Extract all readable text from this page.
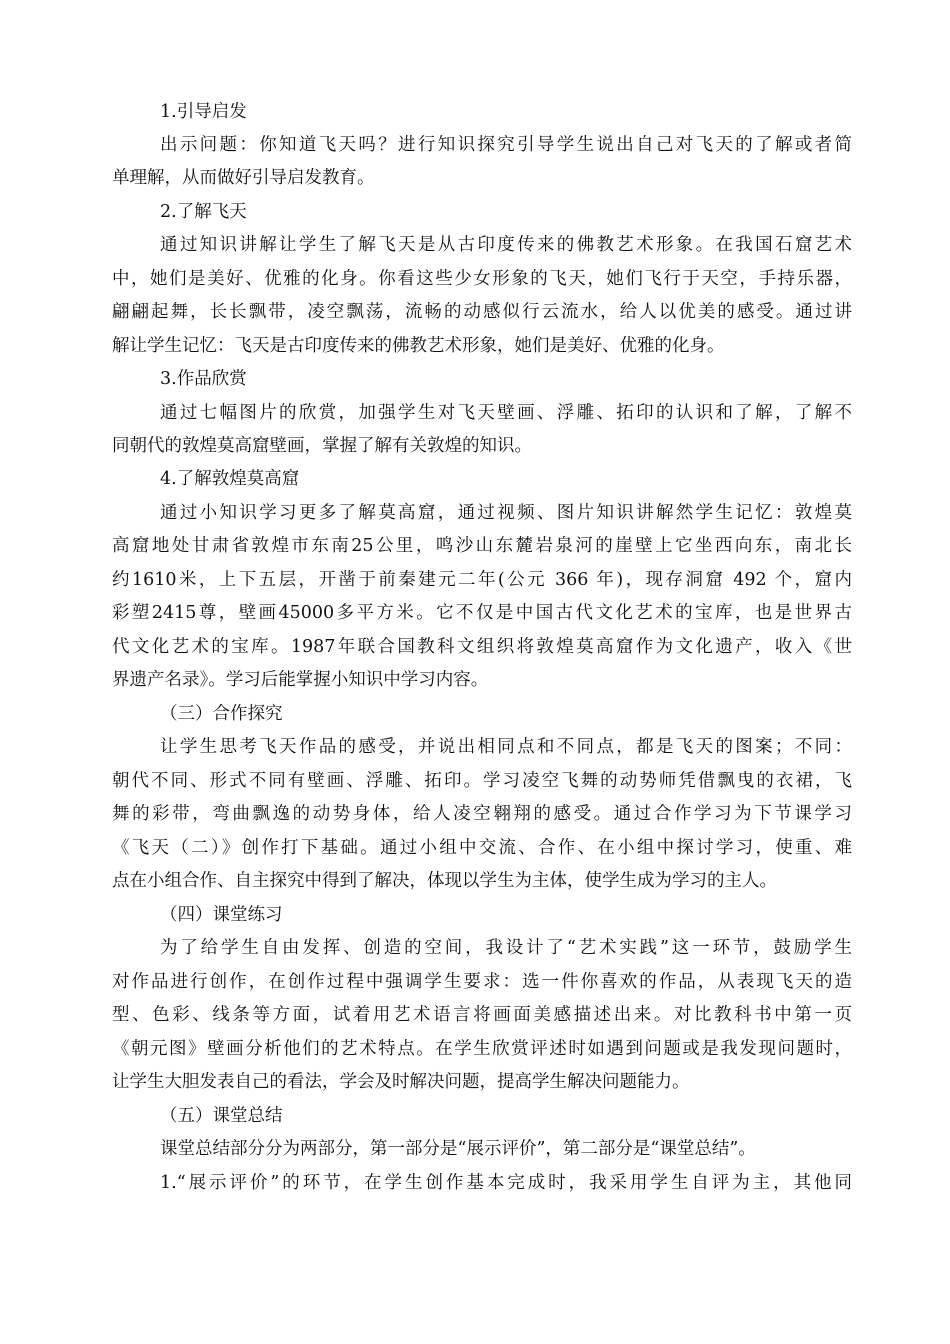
1.引导启发
出示问题：你知道飞天吗？进行知识探究引导学生说出自己对飞天的了解或者简
单理解，从而做好引导启发教育。
2.了解飞天
通过知识讲解让学生了解飞天是从古印度传来的佛教艺术形象。在我国石窟艺术
中，她们是美好、优雅的化身。你看这些少女形象的飞天，她们飞行于天空，手持乐器，
翩翩起舞，长长飘带，凌空飘荡，流畅的动感似行云流水，给人以优美的感受。通过讲
解让学生记忆：飞天是古印度传来的佛教艺术形象，她们是美好、优雅的化身。
3.作品欣赏
通过七幅图片的欣赏，加强学生对飞天壁画、浮雕、拓印的认识和了解，了解不
同朝代的敦煌莫高窟壁画，掌握了解有关敦煌的知识。
4.了解敦煌莫高窟
通过小知识学习更多了解莫高窟，通过视频、图片知识讲解然学生记忆：敦煌莫
高窟地处甘肃省敦煌市东南25公里，鸣沙山东麓岩泉河的崖壁上它坐西向东，南北长
约1610米，上下五层，开凿于前秦建元二年(公元 366 年)，现存洞窟 492 个，窟内
彩塑2415尊，壁画45000多平方米。它不仅是中国古代文化艺术的宝库，也是世界古
代文化艺术的宝库。1987年联合国教科文组织将敦煌莫高窟作为文化遗产，收入《世
界遗产名录》。学习后能掌握小知识中学习内容。
（三）合作探究
让学生思考飞天作品的感受，并说出相同点和不同点，都是飞天的图案；不同：
朝代不同、形式不同有壁画、浮雕、拓印。学习凌空飞舞的动势师凭借飘曳的衣裙，飞
舞的彩带，弯曲飘逸的动势身体，给人凌空翱翔的感受。通过合作学习为下节课学习
《飞天（二）》创作打下基础。通过小组中交流、合作、在小组中探讨学习，使重、难
点在小组合作、自主探究中得到了解决，体现以学生为主体，使学生成为学习的主人。
（四）课堂练习
为了给学生自由发挥、创造的空间，我设计了“艺术实践”这一环节，鼓励学生
对作品进行创作，在创作过程中强调学生要求：选一件你喜欢的作品，从表现飞天的造
型、色彩、线条等方面，试着用艺术语言将画面美感描述出来。对比教科书中第一页
《朝元图》壁画分析他们的艺术特点。在学生欣赏评述时如遇到问题或是我发现问题时，
让学生大胆发表自己的看法，学会及时解决问题，提高学生解决问题能力。
（五）课堂总结
课堂总结部分分为两部分，第一部分是“展示评价”，第二部分是“课堂总结”。
1.“展示评价”的环节，在学生创作基本完成时，我采用学生自评为主，其他同
